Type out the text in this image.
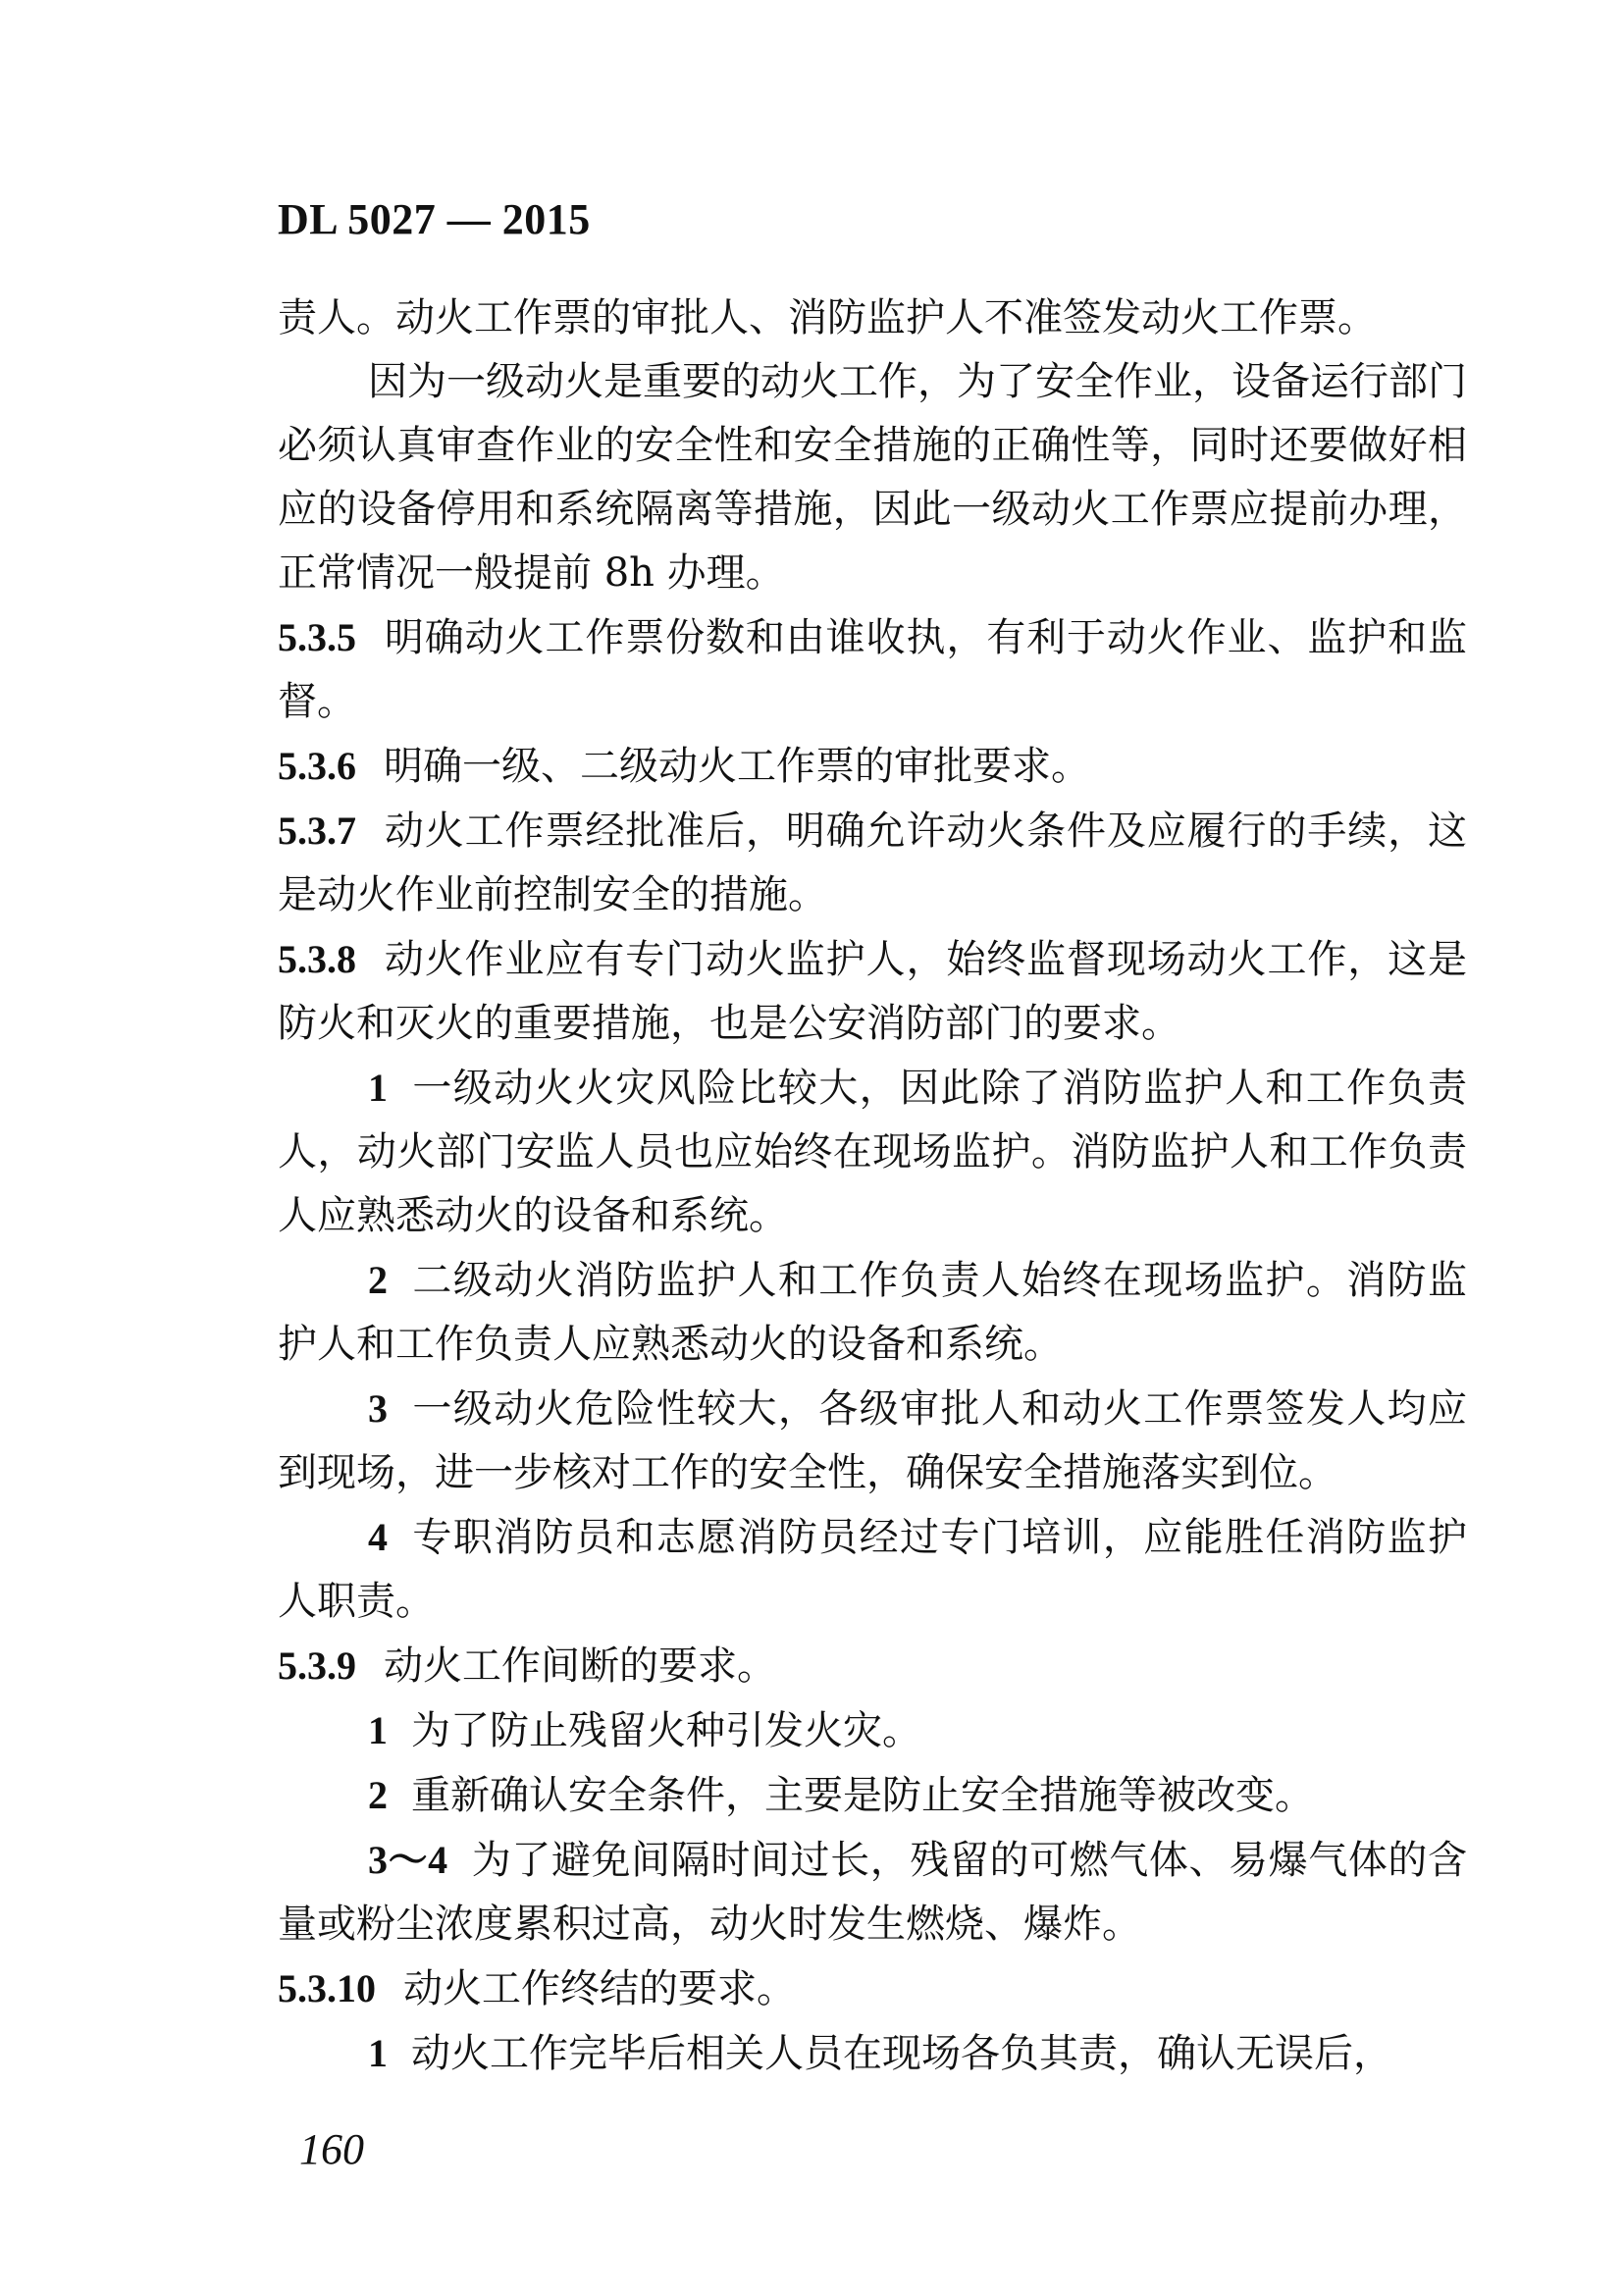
DL 5027 — 2015

责人。动火工作票的审批人、消防监护人不准签发动火工作票。

因为一级动火是重要的动火工作，为了安全作业，设备运行部门必须认真审查作业的安全性和安全措施的正确性等，同时还要做好相应的设备停用和系统隔离等措施，因此一级动火工作票应提前办理，正常情况一般提前 8h 办理。

5.3.5 明确动火工作票份数和由谁收执，有利于动火作业、监护和监督。

5.3.6 明确一级、二级动火工作票的审批要求。

5.3.7 动火工作票经批准后，明确允许动火条件及应履行的手续，这是动火作业前控制安全的措施。

5.3.8 动火作业应有专门动火监护人，始终监督现场动火工作，这是防火和灭火的重要措施，也是公安消防部门的要求。

1 一级动火火灾风险比较大，因此除了消防监护人和工作负责人，动火部门安监人员也应始终在现场监护。消防监护人和工作负责人应熟悉动火的设备和系统。

2 二级动火消防监护人和工作负责人始终在现场监护。消防监护人和工作负责人应熟悉动火的设备和系统。

3 一级动火危险性较大，各级审批人和动火工作票签发人均应到现场，进一步核对工作的安全性，确保安全措施落实到位。

4 专职消防员和志愿消防员经过专门培训，应能胜任消防监护人职责。

5.3.9 动火工作间断的要求。

1 为了防止残留火种引发火灾。

2 重新确认安全条件，主要是防止安全措施等被改变。

3～4 为了避免间隔时间过长，残留的可燃气体、易爆气体的含量或粉尘浓度累积过高，动火时发生燃烧、爆炸。

5.3.10 动火工作终结的要求。

1 动火工作完毕后相关人员在现场各负其责，确认无误后，

160
